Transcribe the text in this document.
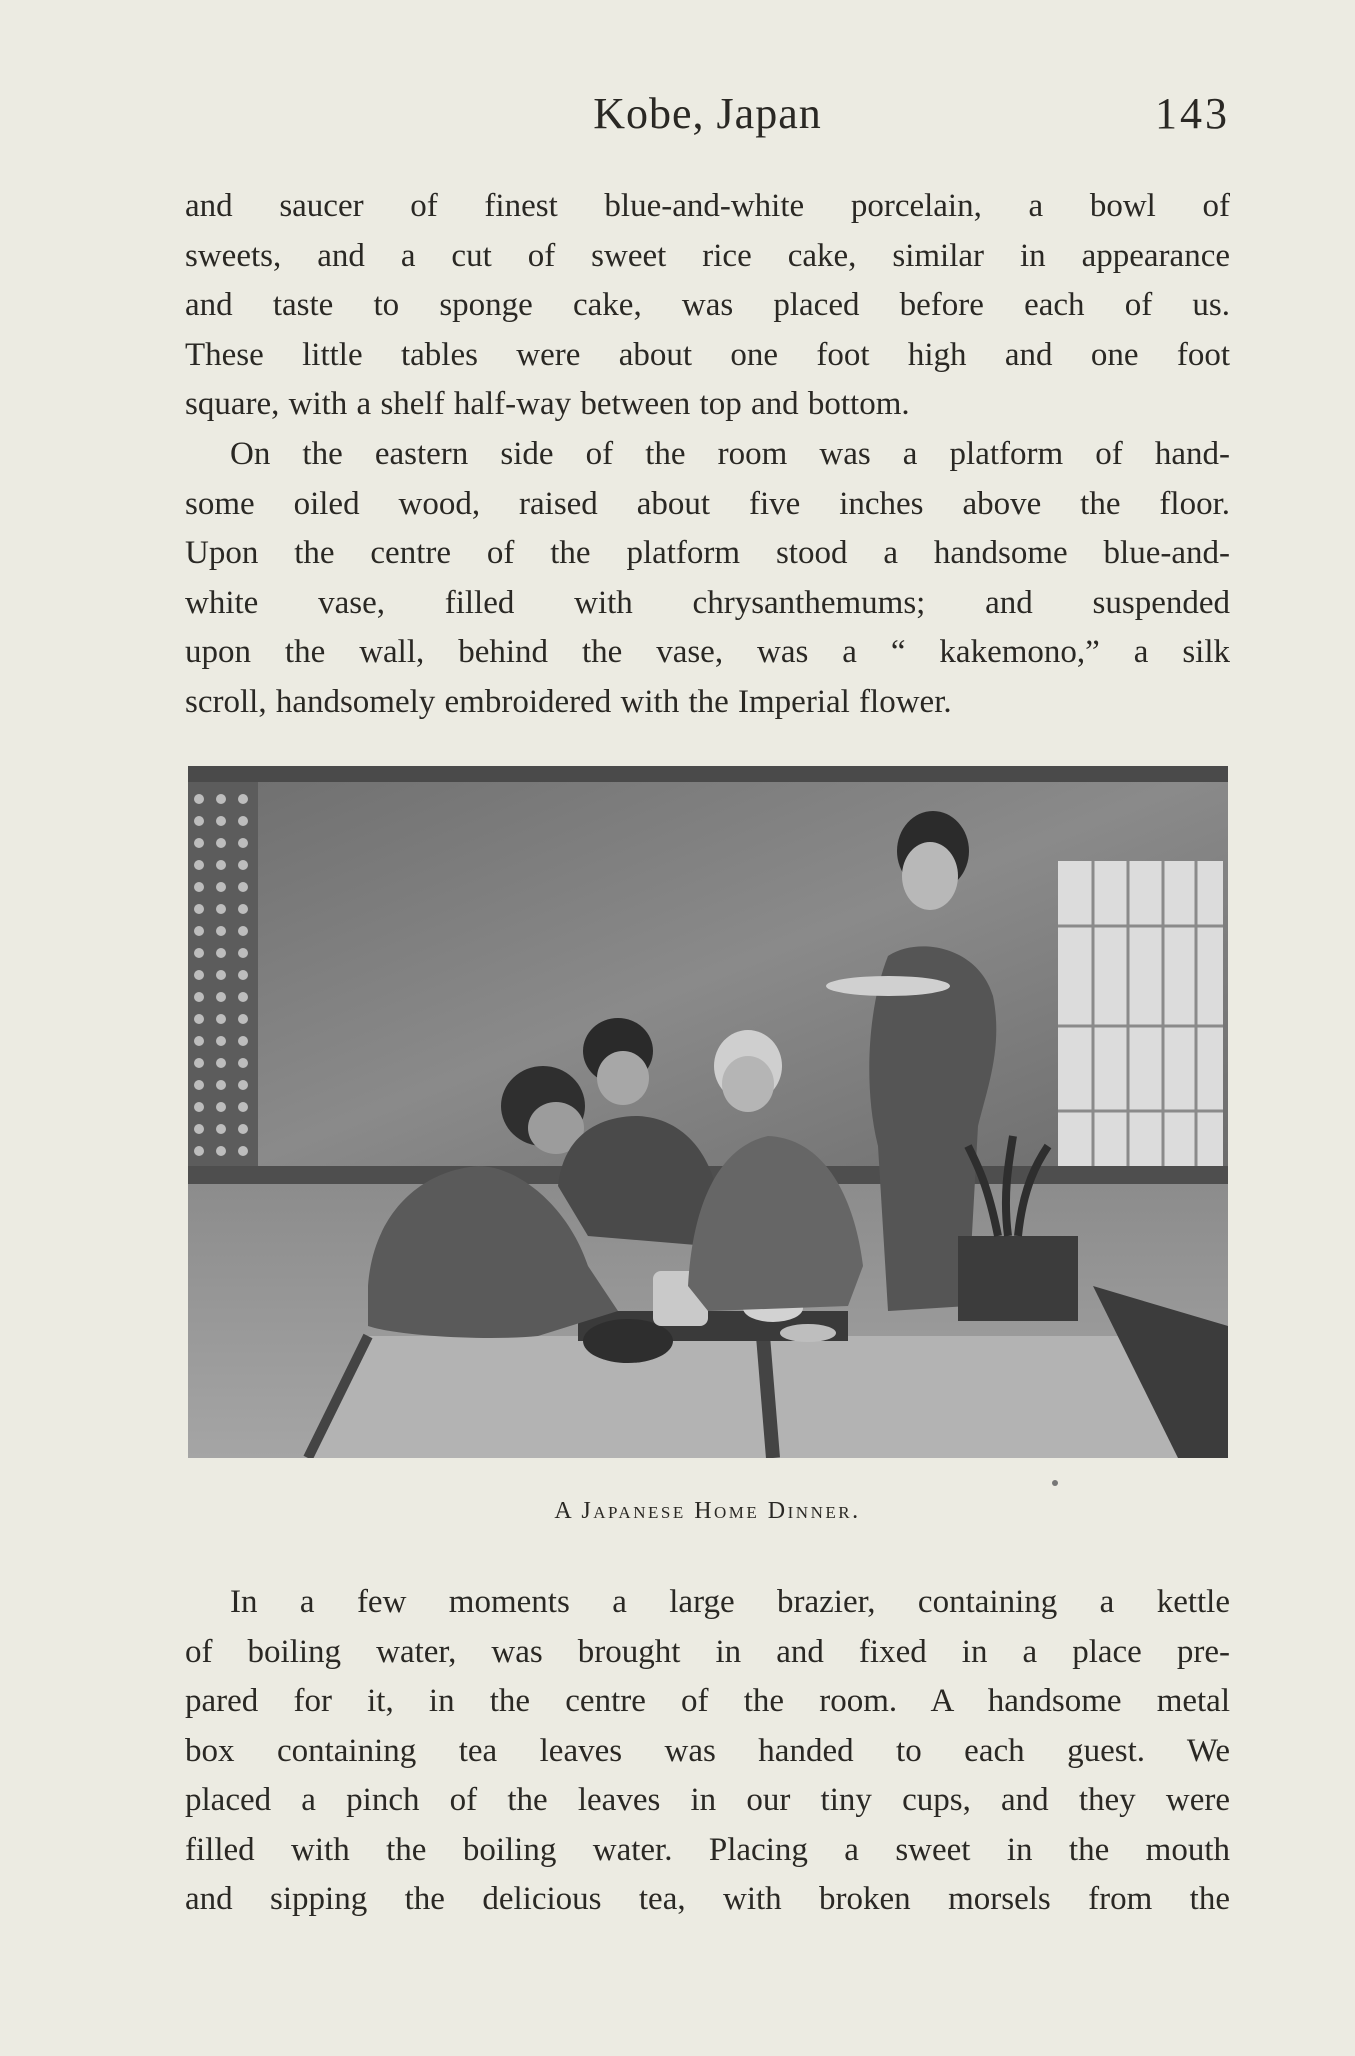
Kobe, Japan	143

and saucer of finest blue-and-white porcelain, a bowl of
sweets, and a cut of sweet rice cake, similar in appearance
and taste to sponge cake, was placed before each of us.
These little tables were about one foot high and one foot
square, with a shelf half-way between top and bottom.

On the eastern side of the room was a platform of hand-
some oiled wood, raised about five inches above the floor.
Upon the centre of the platform stood a handsome blue-and-
white vase, filled with chrysanthemums; and suspended
upon the wall, behind the vase, was a “ kakemono,” a silk
scroll, handsomely embroidered with the Imperial flower.

A Japanese Home Dinner.

In a few moments a large brazier, containing a kettle
of boiling water, was brought in and fixed in a place pre-
pared for it, in the centre of the room. A handsome metal
box containing tea leaves was handed to each guest. We
placed a pinch of the leaves in our tiny cups, and they were
filled with the boiling water. Placing a sweet in the mouth
and sipping the delicious tea, with broken morsels from the
